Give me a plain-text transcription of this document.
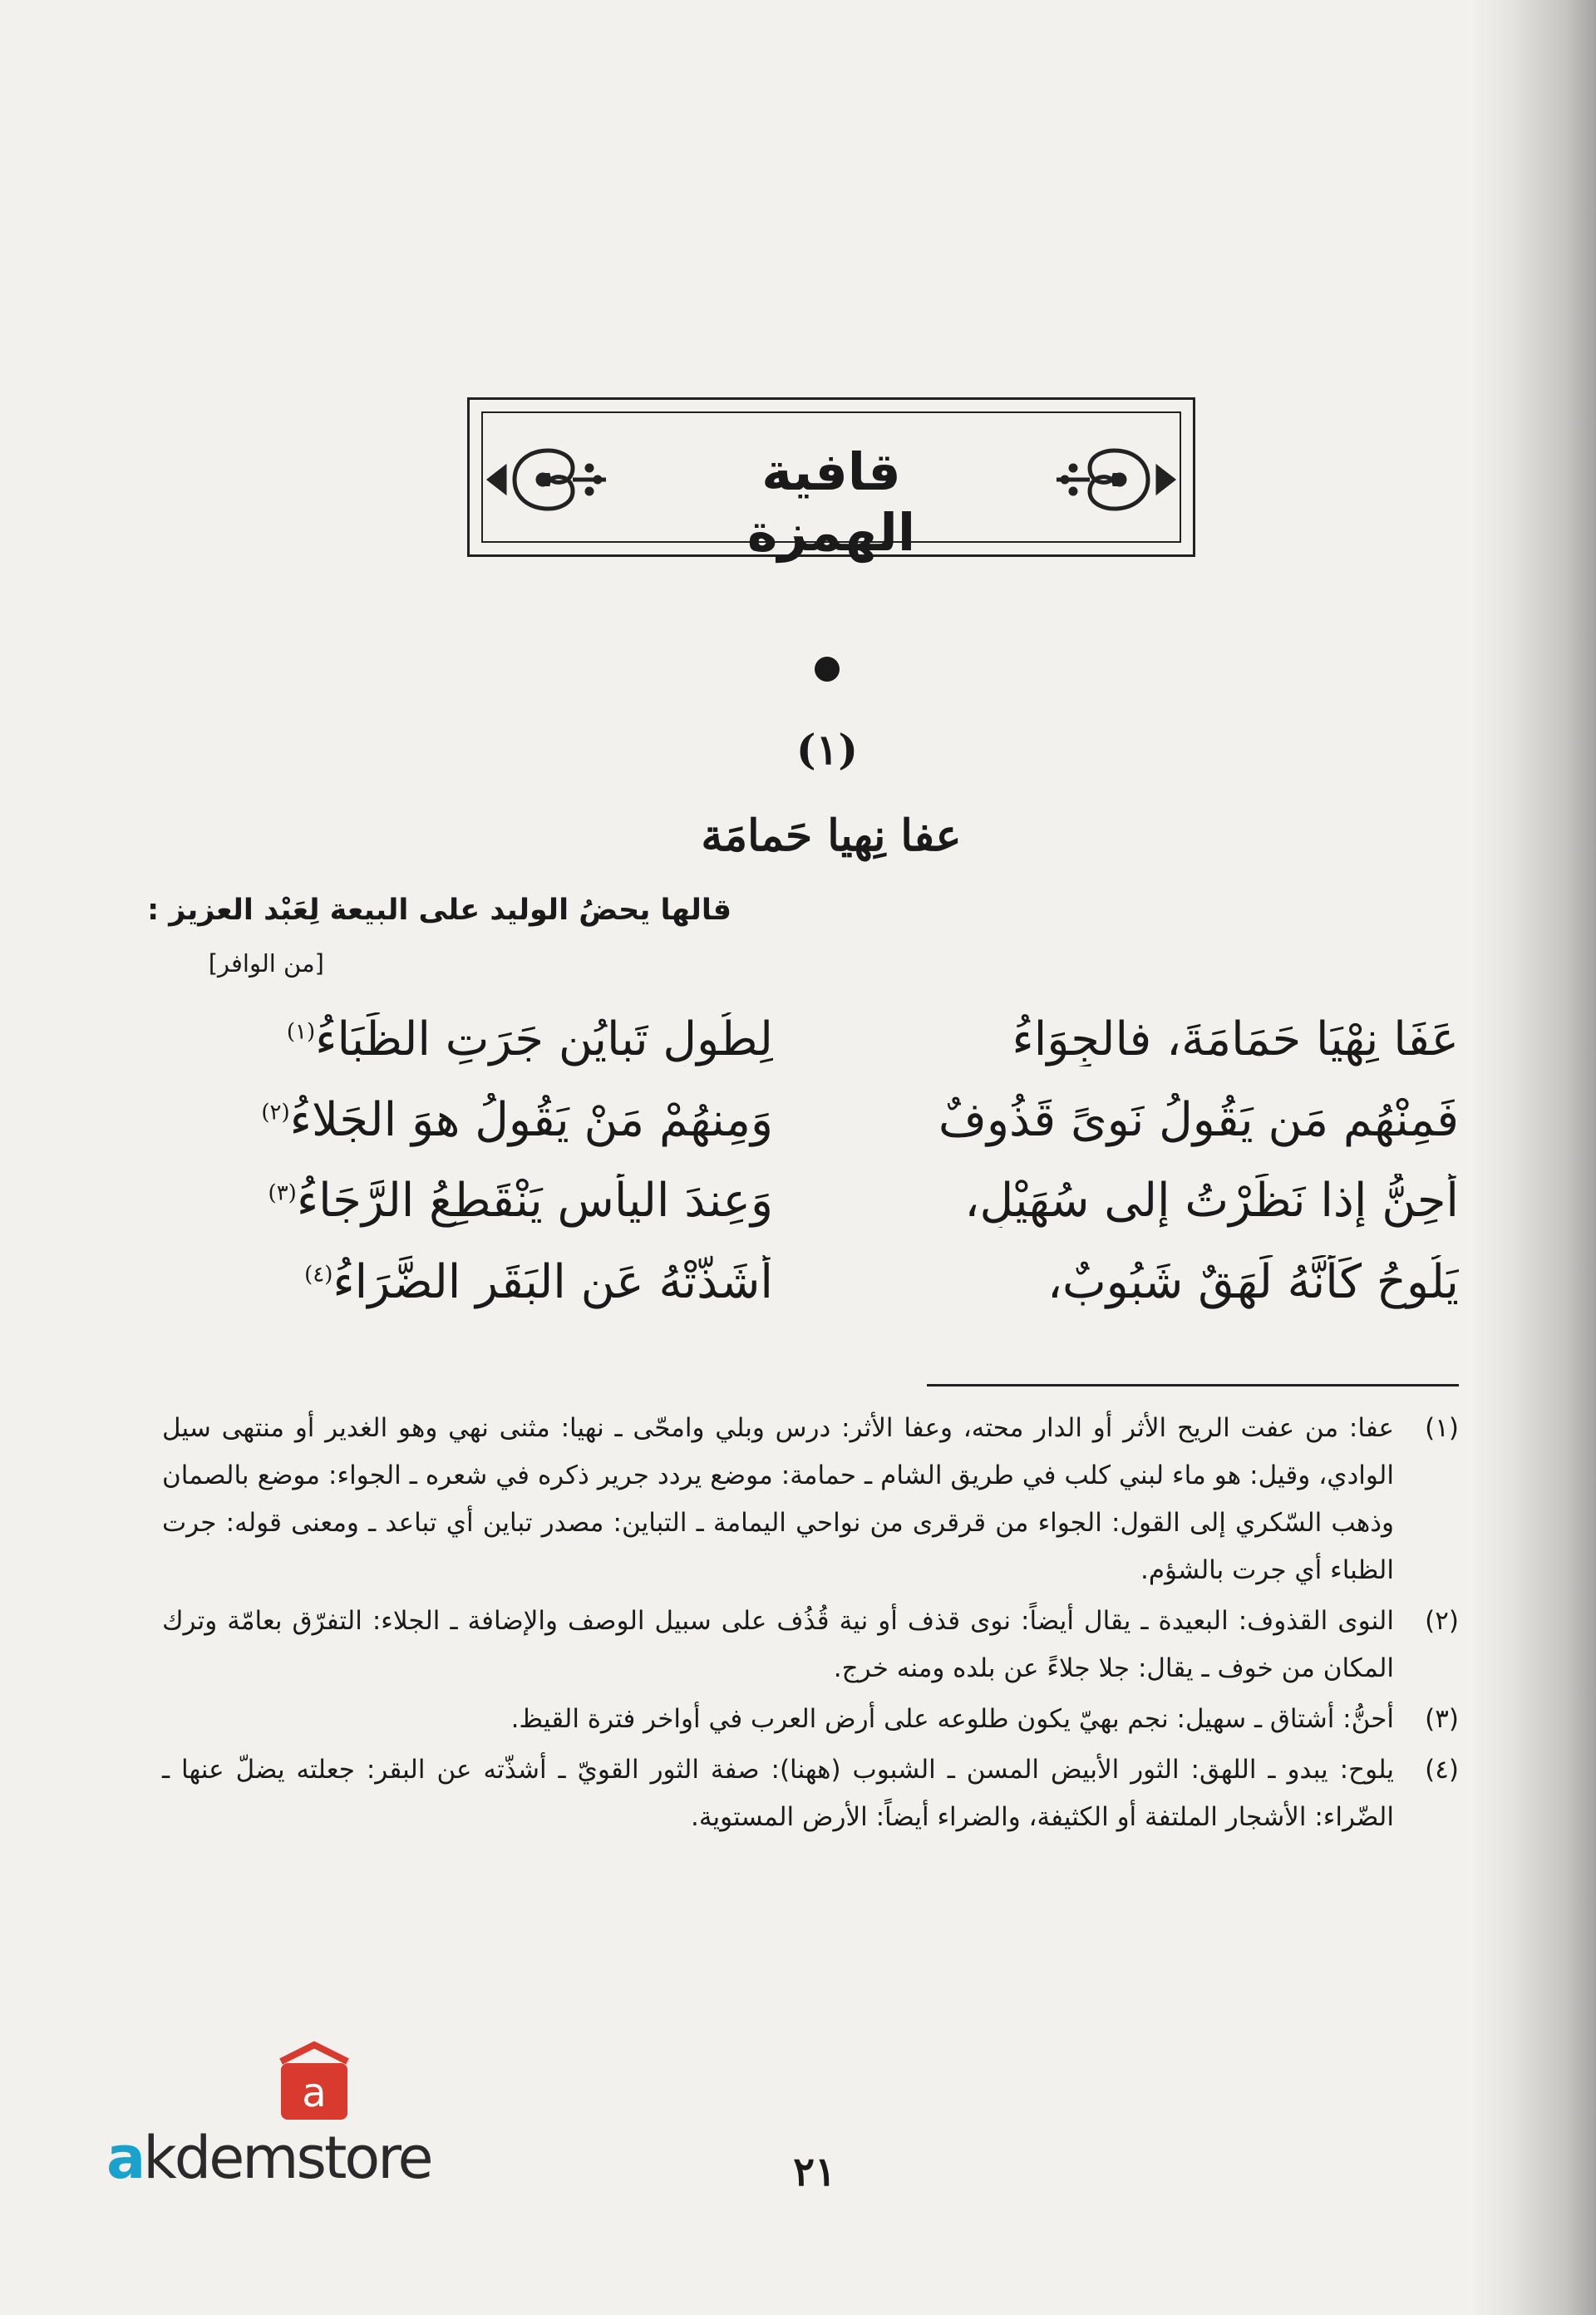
قافية الهمزة
(١)
عفا نِهيا حَمامَة
قالها يحضُ الوليد على البيعة لِعَبْد العزيز :
[من الوافر]
عَفَا نِهْيَا حَمَامَةَ، فالجِوَاءُ
لِطُولِ تَبايُنِ جَرَتِ الظِّبَاءُ$^{(١)}$
فَمِنْهُم مَن يَقُولُ نَوىً قَذُوفٌ
وَمِنهُمْ مَنْ يَقُولُ هوَ الجَلاءُ$^{(٢)}$
أحِنُّ إذا نَظَرْتُ إلى سُهَيْلٍ،
وَعِندَ اليأسِ يَنْقَطِعُ الرَّجَاءُ$^{(٣)}$
يَلُوحُ كَأنَّهُ لَهَقٌ شَبُوبٌ،
أشَذَّتْهُ عَنِ البَقَرِ الضَّرَاءُ$^{(٤)}$
(١)
عفا: من عفت الريح الأثر أو الدار محته، وعفا الأثر: درس وبلي وامحّى ـ نهيا: مثنى نهي وهو الغدير أو منتهى سيل الوادي، وقيل: هو ماء لبني كلب في طريق الشام ـ حمامة: موضع يردد جرير ذكره في شعره ـ الجواء: موضع بالصمان وذهب السّكري إلى القول: الجواء من قرقرى من نواحي اليمامة ـ التباين: مصدر تباين أي تباعد ـ ومعنى قوله: جرت الظباء أي جرت بالشؤم.
(٢)
النوى القذوف: البعيدة ـ يقال أيضاً: نوى قذف أو نية قُذُف على سبيل الوصف والإضافة ـ الجلاء: التفرّق بعامّة وترك المكان من خوف ـ يقال: جلا جلاءً عن بلده ومنه خرج.
(٣)
أحنُّ: أشتاق ـ سهيل: نجم بهيّ يكون طلوعه على أرض العرب في أواخر فترة القيظ.
(٤)
يلوح: يبدو ـ اللهق: الثور الأبيض المسن ـ الشبوب (ههنا): صفة الثور القويّ ـ أشذّته عن البقر: جعلته يضلّ عنها ـ الضّراء: الأشجار الملتفة أو الكثيفة، والضراء أيضاً: الأرض المستوية.
٢١
a
akdemstore
